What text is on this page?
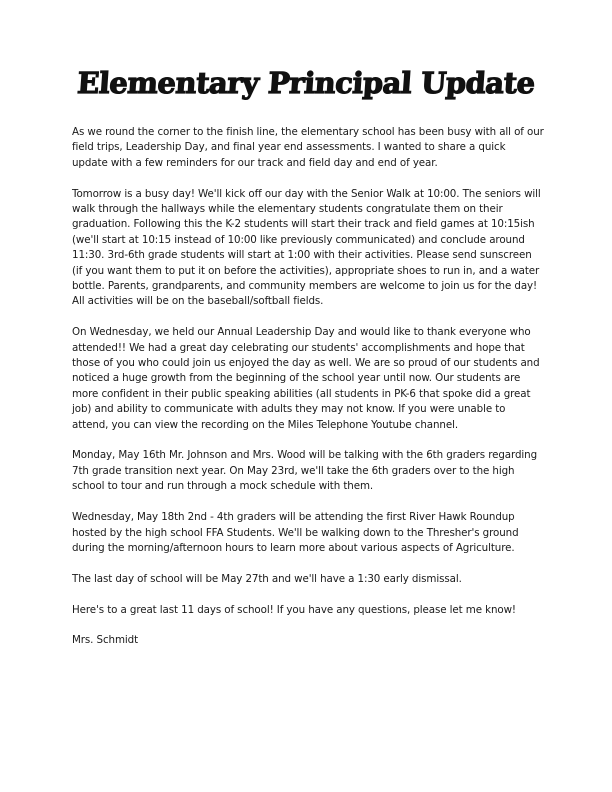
Elementary Principal Update

As we round the corner to the finish line, the elementary school has been busy with all of our field trips, Leadership Day, and final year end assessments. I wanted to share a quick update with a few reminders for our track and field day and end of year.

Tomorrow is a busy day! We'll kick off our day with the Senior Walk at 10:00. The seniors will walk through the hallways while the elementary students congratulate them on their graduation. Following this the K-2 students will start their track and field games at 10:15ish (we'll start at 10:15 instead of 10:00 like previously communicated) and conclude around 11:30. 3rd-6th grade students will start at 1:00 with their activities. Please send sunscreen (if you want them to put it on before the activities), appropriate shoes to run in, and a water bottle. Parents, grandparents, and community members are welcome to join us for the day! All activities will be on the baseball/softball fields.

On Wednesday, we held our Annual Leadership Day and would like to thank everyone who attended!! We had a great day celebrating our students' accomplishments and hope that those of you who could join us enjoyed the day as well. We are so proud of our students and noticed a huge growth from the beginning of the school year until now. Our students are more confident in their public speaking abilities (all students in PK-6 that spoke did a great job) and ability to communicate with adults they may not know. If you were unable to attend, you can view the recording on the Miles Telephone Youtube channel.

Monday, May 16th Mr. Johnson and Mrs. Wood will be talking with the 6th graders regarding 7th grade transition next year. On May 23rd, we'll take the 6th graders over to the high school to tour and run through a mock schedule with them.

Wednesday, May 18th 2nd - 4th graders will be attending the first River Hawk Roundup hosted by the high school FFA Students. We'll be walking down to the Thresher's ground during the morning/afternoon hours to learn more about various aspects of Agriculture.

The last day of school will be May 27th and we'll have a 1:30 early dismissal.

Here's to a great last 11 days of school! If you have any questions, please let me know!

Mrs. Schmidt
